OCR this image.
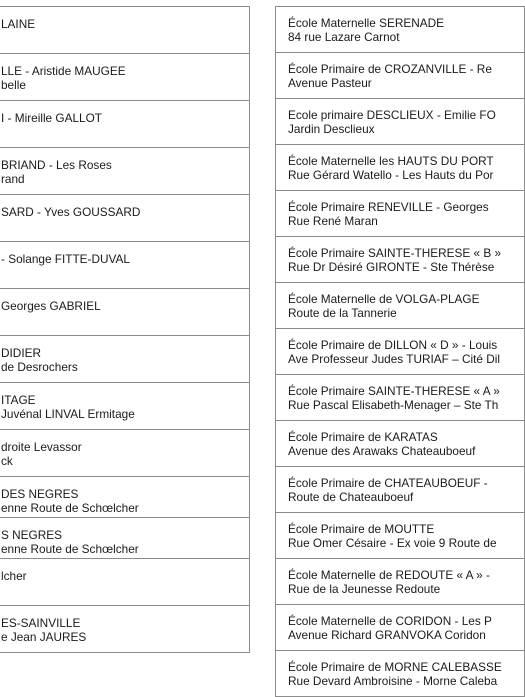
LAINE
LLE - Aristide MAUGEE
belle
I - Mireille GALLOT
BRIAND - Les Roses
rand
SARD - Yves GOUSSARD
- Solange FITTE-DUVAL
Georges GABRIEL
DIDIER
de Desrochers
ITAGE
Juvénal LINVAL Ermitage
droite Levassor
ck
DES NEGRES
enne Route de Schœlcher
S NEGRES
enne Route de Schœlcher
lcher
ES-SAINVILLE
e Jean JAURES
École Maternelle SERENADE
84 rue Lazare Carnot
École Primaire de CROZANVILLE - Re
Avenue Pasteur
Ecole primaire DESCLIEUX - Emilie FO
Jardin Desclieux
École Maternelle les HAUTS DU PORT
Rue Gérard Watello - Les Hauts du Por
École Primaire RENEVILLE - Georges
Rue René Maran
École Primaire SAINTE-THERESE « B »
Rue Dr Désiré GIRONTE - Ste Thérèse
École Maternelle de VOLGA-PLAGE
Route de la Tannerie
École Primaire de DILLON « D » - Louis
Ave Professeur Judes TURIAF – Cité Dil
École Primaire SAINTE-THERESE « A »
Rue Pascal Elisabeth-Menager – Ste Th
École Primaire de KARATAS
Avenue des Arawaks Chateauboeuf
École Primaire de CHATEAUBOEUF -
Route de Chateauboeuf
École Primaire de MOUTTE
Rue Omer Césaire - Ex voie 9 Route de
École Maternelle de REDOUTE « A » -
Rue de la Jeunesse Redoute
École Maternelle de CORIDON - Les P
Avenue Richard GRANVOKA Coridon
École Primaire de MORNE CALEBASSE
Rue Devard Ambroisine - Morne Caleba
